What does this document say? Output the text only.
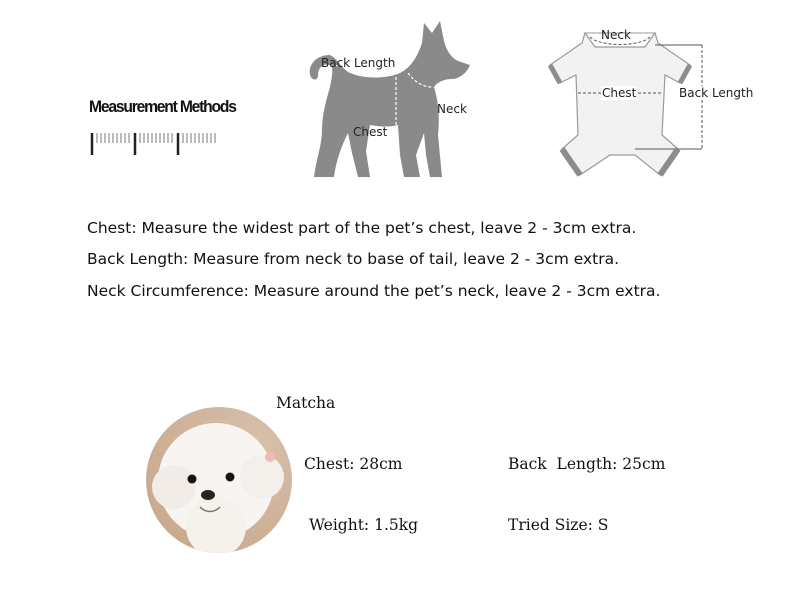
Measurement Methods
Back Length
Neck
Chest
Neck
Chest	Back Length
Chest: Measure the widest part of the pet’s chest, leave 2 - 3cm extra.
Back Length: Measure from neck to base of tail, leave 2 - 3cm extra.
Neck Circumference: Measure around the pet’s neck, leave 2 - 3cm extra.
Matcha
Chest: 28cm	Back  Length: 25cm
Weight: 1.5kg	Tried Size: S
